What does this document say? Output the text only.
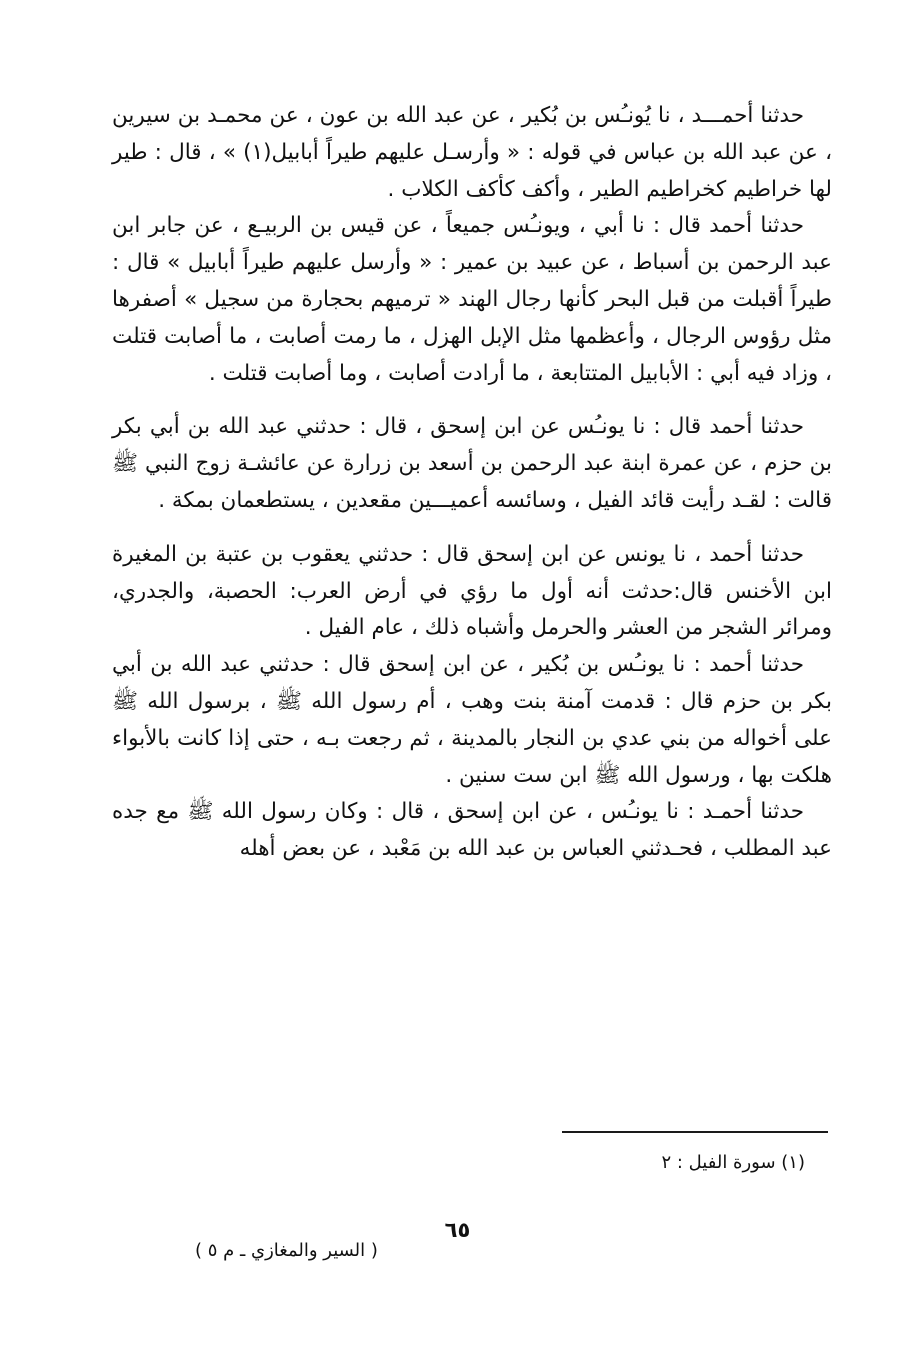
حدثنا أحمـــد ، نا يُونـُس بن بُكير ، عن عبد الله بن عون ، عن محمـد بن سيرين ، عن عبد الله بن عباس في قوله : « وأرسـل عليهم طيراً أبابيل(١) » ، قال : طير لها خراطيم كخراطيم الطير ، وأكف كأكف الكلاب .

حدثنا أحمد قال : نا أبي ، ويونـُس جميعاً ، عن قيس بن الربيـع ، عن جابر ابن عبد الرحمن بن أسباط ، عن عبيد بن عمير : « وأرسل عليهم طيراً أبابيل » قال : طيراً أقبلت من قبل البحر كأنها رجال الهند « ترميهم بحجارة من سجيل » أصفرها مثل رؤوس الرجال ، وأعظمها مثل الإبل الهزل ، ما رمت أصابت ، ما أصابت قتلت ، وزاد فيه أبي : الأبابيل المتتابعة ، ما أرادت أصابت ، وما أصابت قتلت .

حدثنا أحمد قال : نا يونـُس عن ابن إسحق ، قال : حدثني عبد الله بن أبي بكر بن حزم ، عن عمرة ابنة عبد الرحمن بن أسعد بن زرارة عن عائشـة زوج النبي ﷺ قالت : لقـد رأيت قائد الفيل ، وسائسه أعميـــين مقعدين ، يستطعمان بمكة .

حدثنا أحمد ، نا يونس عن ابن إسحق قال : حدثني يعقوب بن عتبة بن المغيرة ابن الأخنس قال:حدثت أنه أول ما رؤي في أرض العرب: الحصبة، والجدري، ومرائر الشجر من العشر والحرمل وأشباه ذلك ، عام الفيل .

حدثنا أحمد : نا يونـُس بن بُكير ، عن ابن إسحق قال : حدثني عبد الله بن أبي بكر بن حزم قال : قدمت آمنة بنت وهب ، أم رسول الله ﷺ ، برسول الله ﷺ على أخواله من بني عدي بن النجار بالمدينة ، ثم رجعت بـه ، حتى إذا كانت بالأبواء هلكت بها ، ورسول الله ﷺ ابن ست سنين .

حدثنا أحمـد : نا يونـُس ، عن ابن إسحق ، قال : وكان رسول الله ﷺ مع جده عبد المطلب ، فحـدثني العباس بن عبد الله بن مَعْبد ، عن بعض أهله

(١) سورة الفيل : ٢
٦٥
( السير والمغازي ـ م ٥ )
